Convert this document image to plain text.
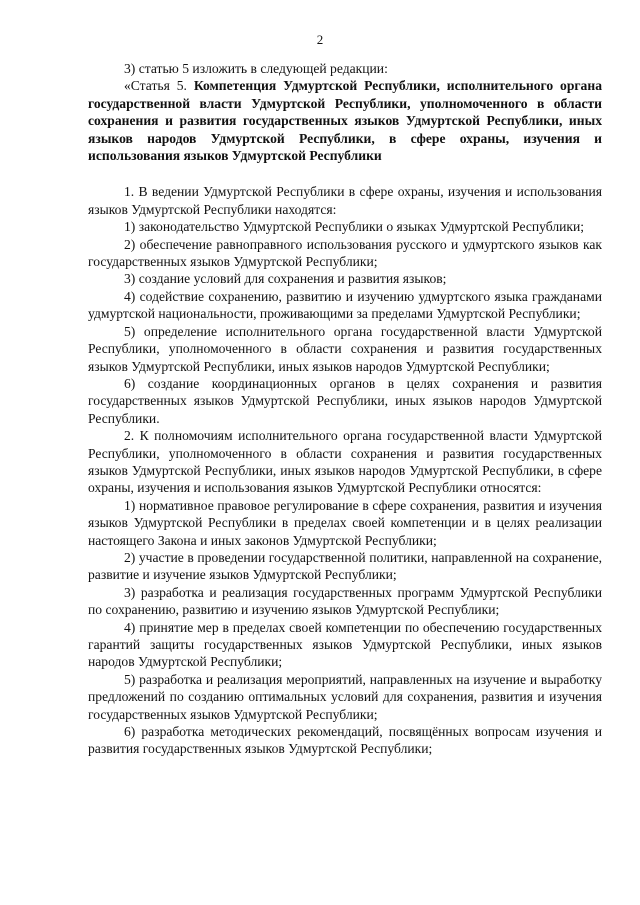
2

3) статью 5 изложить в следующей редакции:

«Статья 5. Компетенция Удмуртской Республики, исполнительного органа государственной власти Удмуртской Республики, уполномоченного в области сохранения и развития государственных языков Удмуртской Республики, иных языков народов Удмуртской Республики, в сфере охраны, изучения и использования языков Удмуртской Республики

1. В ведении Удмуртской Республики в сфере охраны, изучения и использования языков Удмуртской Республики находятся:

1) законодательство Удмуртской Республики о языках Удмуртской Республики;

2) обеспечение равноправного использования русского и удмуртского языков как государственных языков Удмуртской Республики;

3) создание условий для сохранения и развития языков;

4) содействие сохранению, развитию и изучению удмуртского языка гражданами удмуртской национальности, проживающими за пределами Удмуртской Республики;

5) определение исполнительного органа государственной власти Удмуртской Республики, уполномоченного в области сохранения и развития государственных языков Удмуртской Республики, иных языков народов Удмуртской Республики;

6) создание координационных органов в целях сохранения и развития государственных языков Удмуртской Республики, иных языков народов Удмуртской Республики.

2. К полномочиям исполнительного органа государственной власти Удмуртской Республики, уполномоченного в области сохранения и развития государственных языков Удмуртской Республики, иных языков народов Удмуртской Республики, в сфере охраны, изучения и использования языков Удмуртской Республики относятся:

1) нормативное правовое регулирование в сфере сохранения, развития и изучения языков Удмуртской Республики в пределах своей компетенции и в целях реализации настоящего Закона и иных законов Удмуртской Республики;

2) участие в проведении государственной политики, направленной на сохранение, развитие и изучение языков Удмуртской Республики;

3) разработка и реализация государственных программ Удмуртской Республики по сохранению, развитию и изучению языков Удмуртской Республики;

4) принятие мер в пределах своей компетенции по обеспечению государственных гарантий защиты государственных языков Удмуртской Республики, иных языков народов Удмуртской Республики;

5) разработка и реализация мероприятий, направленных на изучение и выработку предложений по созданию оптимальных условий для сохранения, развития и изучения государственных языков Удмуртской Республики;

6) разработка методических рекомендаций, посвящённых вопросам изучения и развития государственных языков Удмуртской Республики;
